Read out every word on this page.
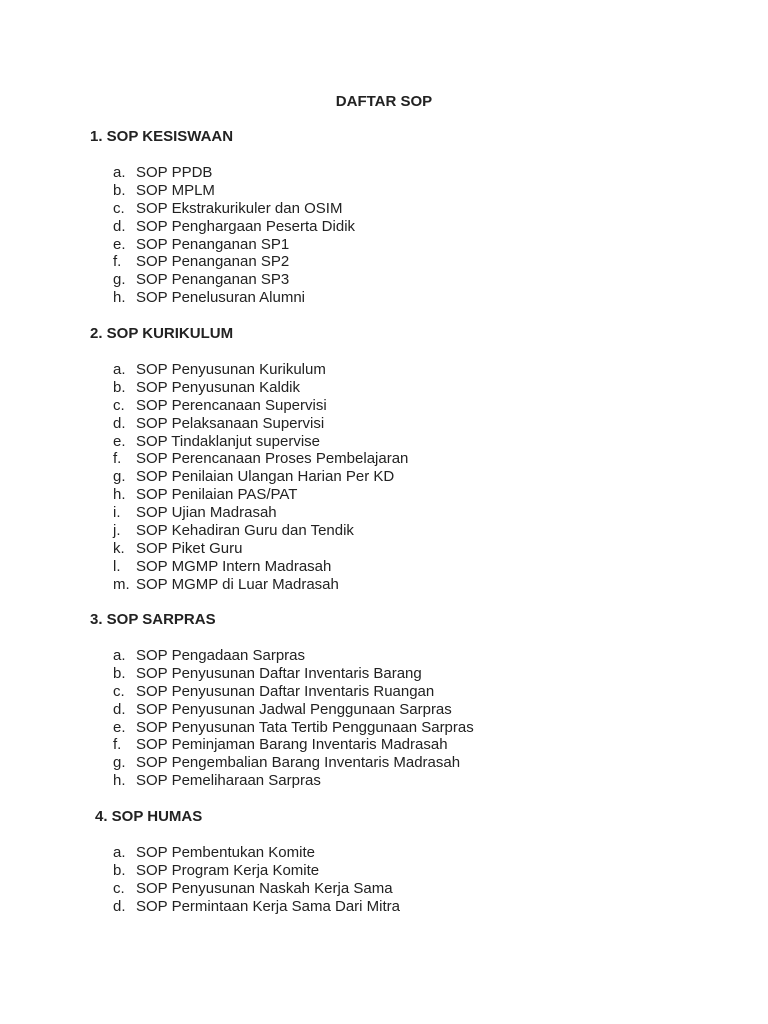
DAFTAR SOP
1. SOP KESISWAAN
a. SOP PPDB
b. SOP MPLM
c. SOP Ekstrakurikuler dan OSIM
d. SOP Penghargaan Peserta Didik
e. SOP Penanganan SP1
f. SOP Penanganan SP2
g. SOP Penanganan SP3
h. SOP Penelusuran Alumni
2. SOP KURIKULUM
a. SOP Penyusunan Kurikulum
b. SOP Penyusunan Kaldik
c. SOP Perencanaan Supervisi
d. SOP Pelaksanaan Supervisi
e. SOP Tindaklanjut supervise
f. SOP Perencanaan Proses Pembelajaran
g. SOP Penilaian Ulangan Harian Per KD
h. SOP Penilaian PAS/PAT
i. SOP Ujian Madrasah
j. SOP Kehadiran Guru dan Tendik
k. SOP Piket Guru
l. SOP MGMP Intern Madrasah
m. SOP MGMP di Luar Madrasah
3. SOP SARPRAS
a. SOP Pengadaan Sarpras
b. SOP Penyusunan Daftar Inventaris Barang
c. SOP Penyusunan Daftar Inventaris Ruangan
d. SOP Penyusunan Jadwal Penggunaan Sarpras
e. SOP Penyusunan Tata Tertib Penggunaan Sarpras
f. SOP Peminjaman Barang Inventaris Madrasah
g. SOP Pengembalian Barang Inventaris Madrasah
h. SOP Pemeliharaan Sarpras
4. SOP HUMAS
a. SOP Pembentukan Komite
b. SOP Program Kerja Komite
c. SOP Penyusunan Naskah Kerja Sama
d. SOP Permintaan Kerja Sama Dari Mitra
